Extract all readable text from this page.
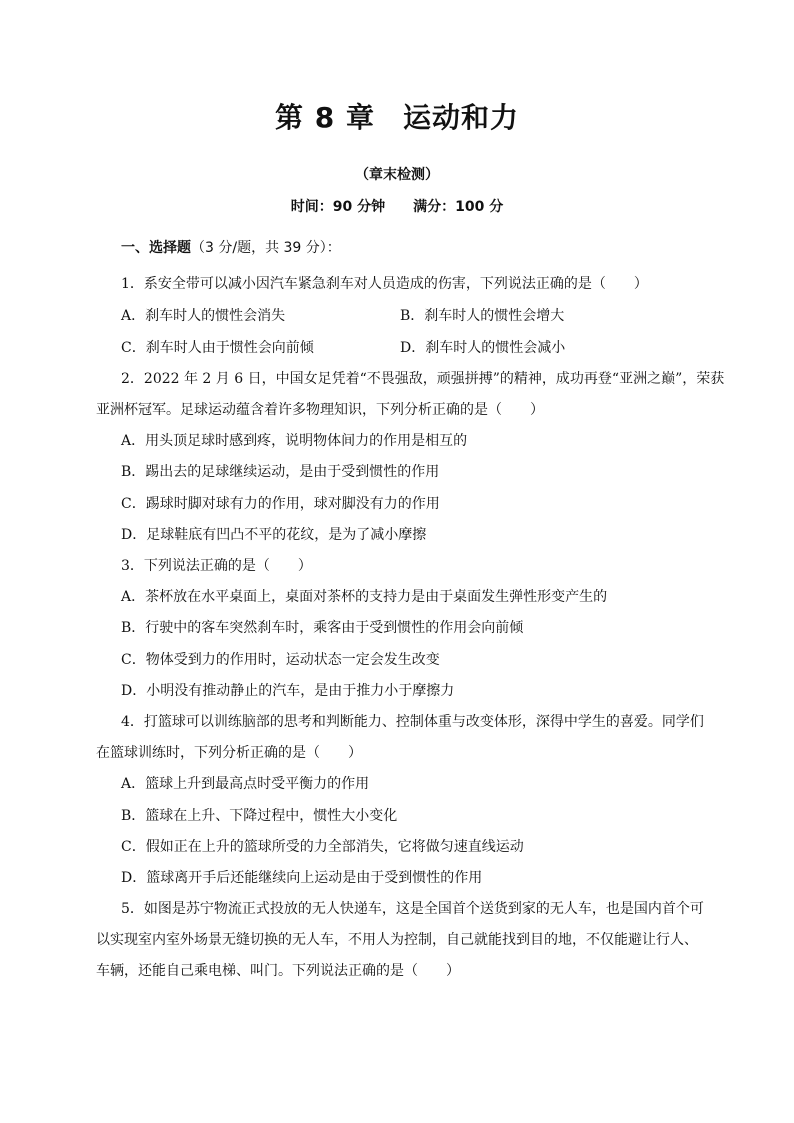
第 8 章 运动和力
（章末检测）
时间：90 分钟 满分：100 分
一、选择题（3 分/题，共 39 分）：
1．系安全带可以减小因汽车紧急刹车对人员造成的伤害，下列说法正确的是（　　）
A．刹车时人的惯性会消失	B．刹车时人的惯性会增大
C．刹车时人由于惯性会向前倾	D．刹车时人的惯性会减小
2．2022 年 2 月 6 日，中国女足凭着“不畏强敌，顽强拼搏”的精神，成功再登“亚洲之巅”，荣获
亚洲杯冠军。足球运动蕴含着许多物理知识，下列分析正确的是（　　）
A．用头顶足球时感到疼，说明物体间力的作用是相互的
B．踢出去的足球继续运动，是由于受到惯性的作用
C．踢球时脚对球有力的作用，球对脚没有力的作用
D．足球鞋底有凹凸不平的花纹，是为了减小摩擦
3．下列说法正确的是（　　）
A．茶杯放在水平桌面上，桌面对茶杯的支持力是由于桌面发生弹性形变产生的
B．行驶中的客车突然刹车时，乘客由于受到惯性的作用会向前倾
C．物体受到力的作用时，运动状态一定会发生改变
D．小明没有推动静止的汽车，是由于推力小于摩擦力
4．打篮球可以训练脑部的思考和判断能力、控制体重与改变体形，深得中学生的喜爱。同学们
在篮球训练时，下列分析正确的是（　　）
A．篮球上升到最高点时受平衡力的作用
B．篮球在上升、下降过程中，惯性大小变化
C．假如正在上升的篮球所受的力全部消失，它将做匀速直线运动
D．篮球离开手后还能继续向上运动是由于受到惯性的作用
5．如图是苏宁物流正式投放的无人快递车，这是全国首个送货到家的无人车，也是国内首个可
以实现室内室外场景无缝切换的无人车，不用人为控制，自己就能找到目的地，不仅能避让行人、
车辆，还能自己乘电梯、叫门。下列说法正确的是（　　）
